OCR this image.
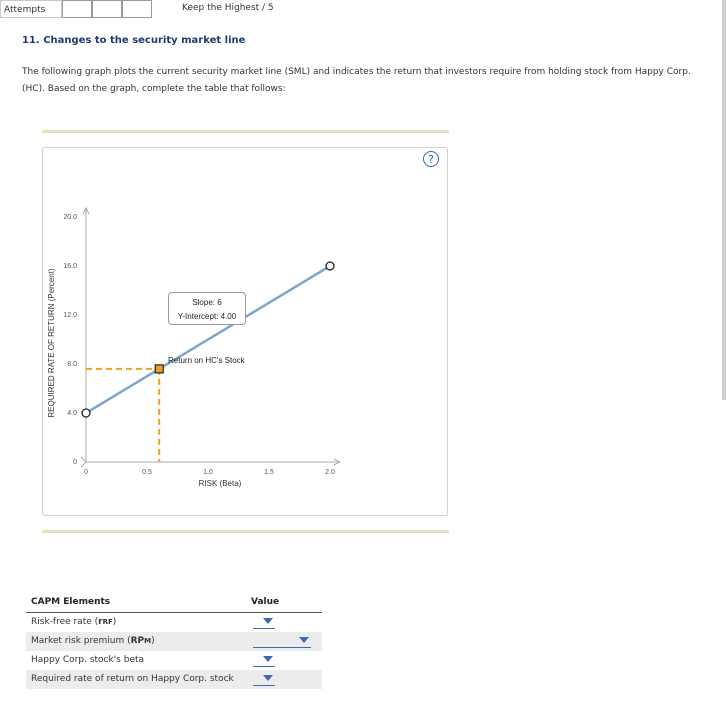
Attempts	Keep the Highest / 5
11. Changes to the security market line
The following graph plots the current security market line (SML) and indicates the return that investors require from holding stock from Happy Corp. (HC). Based on the graph, complete the table that follows:
?
0
4.0
8.0
12.0
16.0
20.0
0	0.5	1.0	1.5	2.0
RISK (Beta)
REQUIRED RATE OF RETURN (Percent)	Slope: 6
Y-Intercept: 4.00
Return on HC's Stock
CAPM Elements	Value
Risk-free rate (rRF)
Market risk premium (RPM)
Happy Corp. stock's beta
Required rate of return on Happy Corp. stock
